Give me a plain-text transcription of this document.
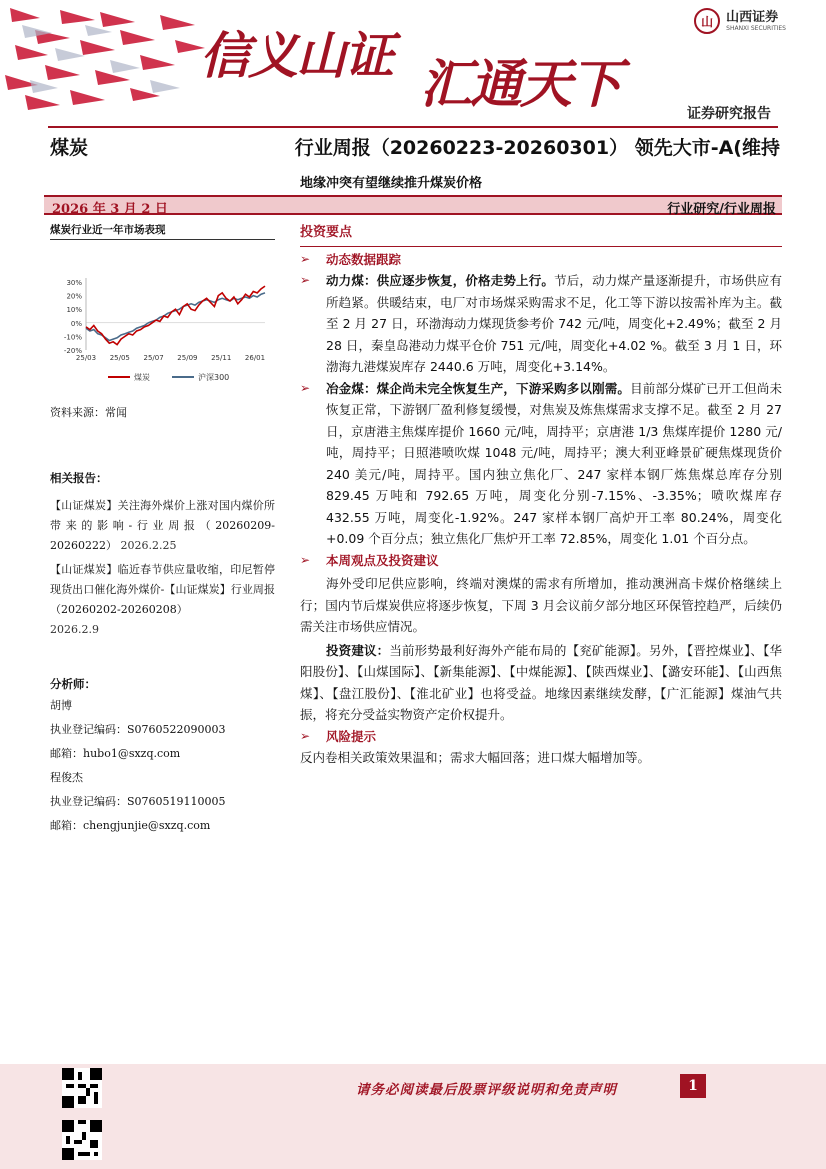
信义山证 汇通天下
山	山西证券
SHANXI SECURITIES
证券研究报告
煤炭	行业周报（20260223-20260301） 领先大市-A(维持
地缘冲突有望继续推升煤炭价格
2026 年 3 月 2 日	行业研究/行业周报
煤炭行业近一年市场表现
30%
20%
10%
0%
-10%
-20%
25/03 25/05 25/07 25/09 25/11 26/01
煤炭	沪深300
资料来源：常闻
相关报告：
【山证煤炭】关注海外煤价上涨对国内煤价所带来的影响-行业周报（20260209-20260222） 2026.2.25
【山证煤炭】临近春节供应量收缩，印尼暂停现货出口催化海外煤价-【山证煤炭】行业周报（20260202-20260208）
2026.2.9
分析师：
胡博
执业登记编码：S0760522090003
邮箱：hubo1@sxzq.com
程俊杰
执业登记编码：S0760519110005
邮箱：chengjunjie@sxzq.com
投资要点
➢	动态数据跟踪
➢	动力煤：供应逐步恢复，价格走势上行。节后，动力煤产量逐渐提升，市场供应有所趋紧。供暖结束，电厂对市场煤采购需求不足，化工等下游以按需补库为主。截至 2 月 27 日，环渤海动力煤现货参考价 742 元/吨，周变化+2.49%；截至 2 月 28 日，秦皇岛港动力煤平仓价 751 元/吨，周变化+4.02 %。截至 3 月 1 日，环渤海九港煤炭库存 2440.6 万吨，周变化+3.14%。
➢	冶金煤：煤企尚未完全恢复生产，下游采购多以刚需。目前部分煤矿已开工但尚未恢复正常，下游钢厂盈利修复缓慢，对焦炭及炼焦煤需求支撑不足。截至 2 月 27 日，京唐港主焦煤库提价 1660 元/吨，周持平；京唐港 1/3 焦煤库提价 1280 元/吨，周持平；日照港喷吹煤 1048 元/吨，周持平；澳大利亚峰景矿硬焦煤现货价 240 美元/吨，周持平。国内独立焦化厂、247 家样本钢厂炼焦煤总库存分别 829.45 万吨和 792.65 万吨，周变化分别-7.15%、-3.35%；喷吹煤库存 432.55 万吨，周变化-1.92%。247 家样本钢厂高炉开工率 80.24%，周变化+0.09 个百分点；独立焦化厂焦炉开工率 72.85%，周变化 1.01 个百分点。
➢	本周观点及投资建议
海外受印尼供应影响，终端对澳煤的需求有所增加，推动澳洲高卡煤价格继续上行；国内节后煤炭供应将逐步恢复，下周 3 月会议前夕部分地区环保管控趋严，后续仍需关注市场供应情况。
投资建议：当前形势最利好海外产能布局的【兖矿能源】。另外，【晋控煤业】、【华阳股份】、【山煤国际】、【新集能源】、【中煤能源】、【陕西煤业】、【潞安环能】、【山西焦煤】、【盘江股份】、【淮北矿业】也将受益。地缘因素继续发酵，【广汇能源】煤油气共振，将充分受益实物资产定价权提升。
➢	风险提示
反内卷相关政策效果温和；需求大幅回落；进口煤大幅增加等。
请务必阅读最后股票评级说明和免责声明	1
